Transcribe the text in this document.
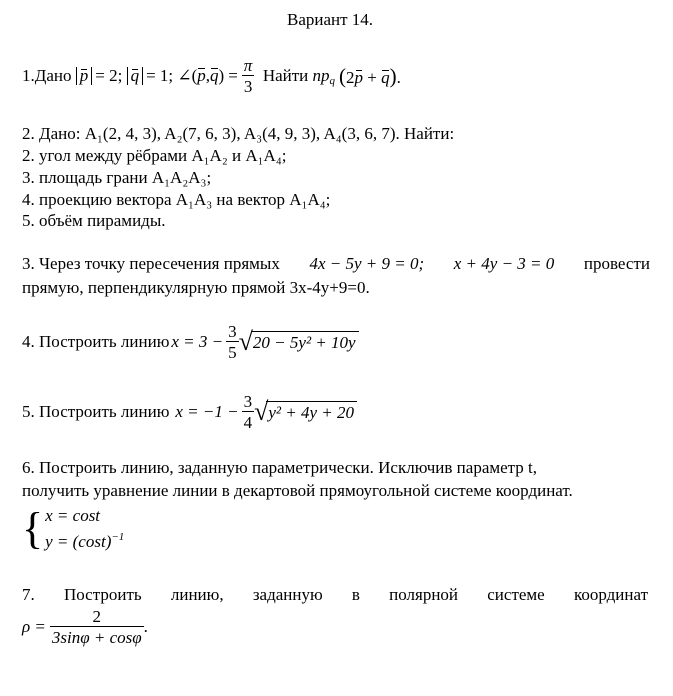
Вариант 14.
1.Дано
p = 2;
q = 1;
∠(p,q) = $\frac{\pi}{3}$
Найти
$np_q$ (2p + q).
2. Дано: A₁(2, 4, 3), A₂(7, 6, 3), A₃(4, 9, 3), A₄(3, 6, 7). Найти:
2. угол между рёбрами A₁A₂ и A₁A₄;
3. площадь грани A₁A₂A₃;
4. проекцию вектора A₁A₃ на вектор A₁A₄;
5. объём пирамиды.
3. Через точку пересечения прямых 4x − 5y + 9 = 0; x + 4y − 3 = 0 провести
прямую, перпендикулярную прямой 3x-4y+9=0.
4. Построить линию $x = 3 - \frac{3}{5} √20 - 5y^2 + 10y$
5. Построить линию $x = -1 - \frac{3}{4} √y^2 + 4y + 20$
6. Построить линию, заданную параметрически. Исключив параметр t,
получить уравнение линии в декартовой прямоугольной системе координат.
{ x = cost
$y = (\cos t)^{-1}$
7. Построить линию, заданную в полярной системе координат
$\rho = \frac{2}{3\sin\varphi + \cos\varphi}$ .
